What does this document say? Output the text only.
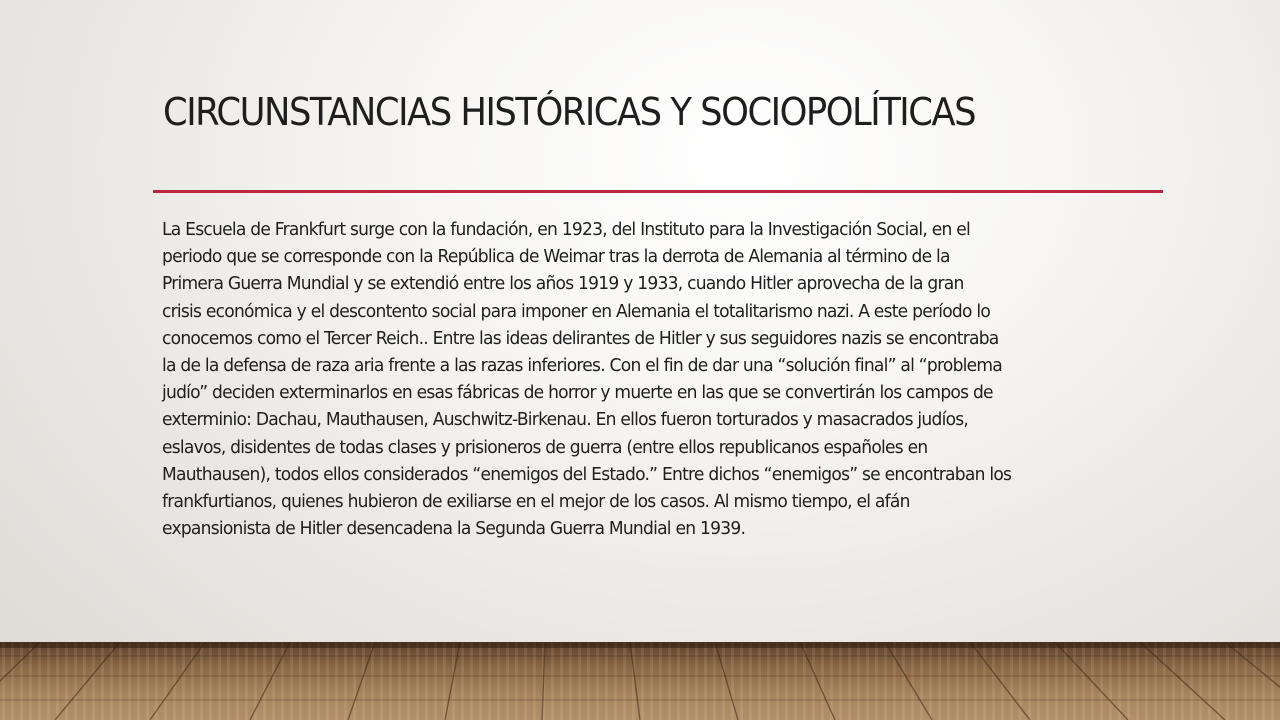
CIRCUNSTANCIAS HISTÓRICAS Y SOCIOPOLÍTICAS

La Escuela de Frankfurt surge con la fundación, en 1923, del Instituto para la Investigación Social, en el
periodo que se corresponde con la República de Weimar tras la derrota de Alemania al término de la
Primera Guerra Mundial y se extendió entre los años 1919 y 1933, cuando Hitler aprovecha de la gran
crisis económica y el descontento social para imponer en Alemania el totalitarismo nazi. A este período lo
conocemos como el Tercer Reich.. Entre las ideas delirantes de Hitler y sus seguidores nazis se encontraba
la de la defensa de raza aria frente a las razas inferiores. Con el fin de dar una “solución final” al “problema
judío” deciden exterminarlos en esas fábricas de horror y muerte en las que se convertirán los campos de
exterminio: Dachau, Mauthausen, Auschwitz-Birkenau. En ellos fueron torturados y masacrados judíos,
eslavos, disidentes de todas clases y prisioneros de guerra (entre ellos republicanos españoles en
Mauthausen), todos ellos considerados “enemigos del Estado.” Entre dichos “enemigos” se encontraban los
frankfurtianos, quienes hubieron de exiliarse en el mejor de los casos. Al mismo tiempo, el afán
expansionista de Hitler desencadena la Segunda Guerra Mundial en 1939.
